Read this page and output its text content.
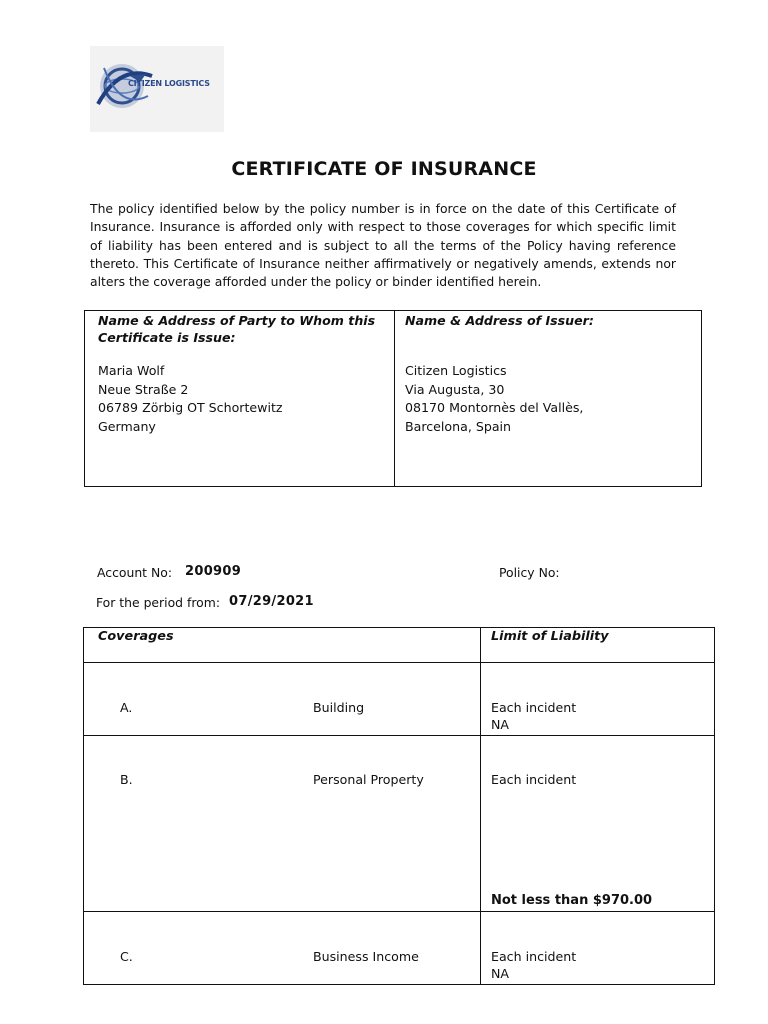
CITIZEN LOGISTICS
CERTIFICATE OF INSURANCE
The policy identified below by the policy number is in force on the date of this Certificate of Insurance. Insurance is afforded only with respect to those coverages for which specific limit of liability has been entered and is subject to all the terms of the Policy having reference thereto. This Certificate of Insurance neither affirmatively or negatively amends, extends nor alters the coverage afforded under the policy or binder identified herein.
Name & Address of Party to Whom this
Certificate is Issue:
Maria Wolf
Neue Straße 2
06789 Zörbig OT Schortewitz
Germany
Name & Address of Issuer:
Citizen Logistics
Via Augusta, 30
08170 Montornès del Vallès,
Barcelona, Spain
Account No: 200909	Policy No:
For the period from: 07/29/2021
Coverages	Limit of Liability
A.	Building	Each incident
NA
B.	Personal Property	Each incident
Not less than $970.00
C.	Business Income	Each incident
NA
